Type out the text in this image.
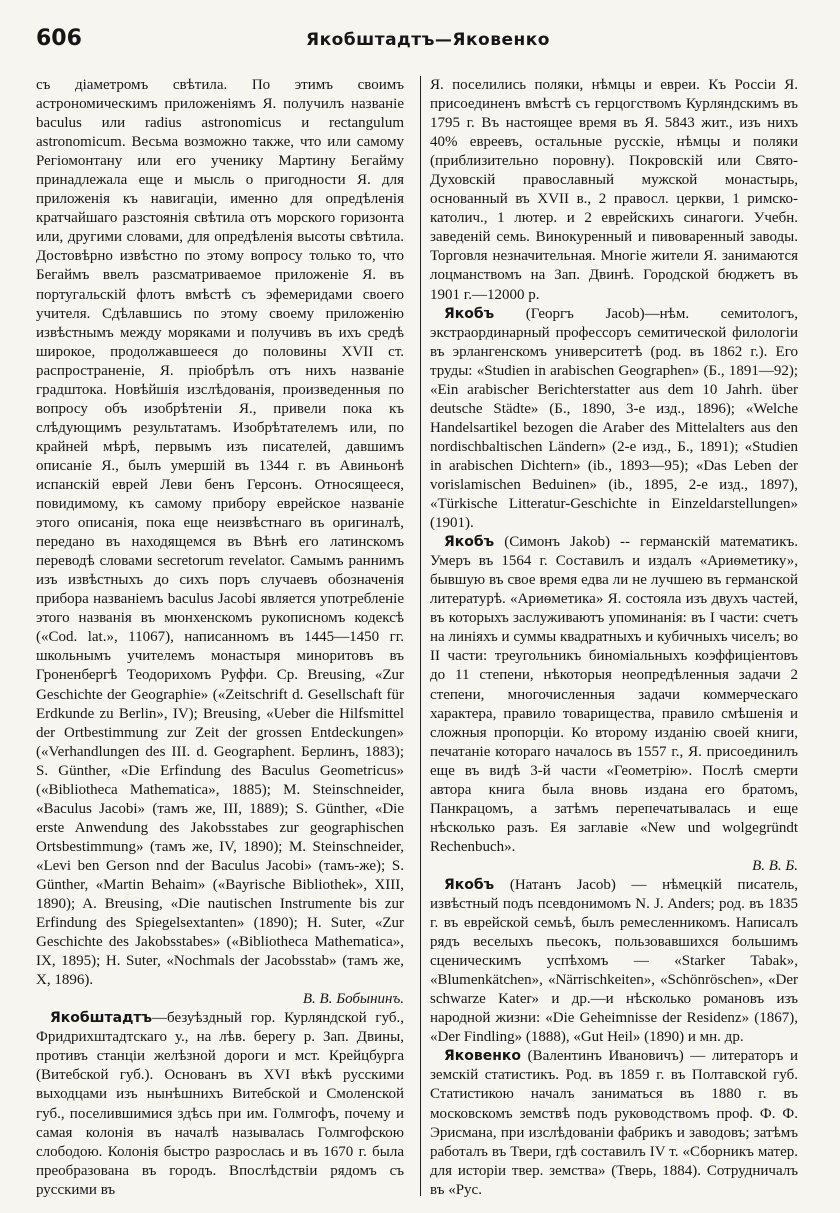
606	Якобштадтъ—Яковенко

съ діаметромъ свѣтила. По этимъ своимъ астрономическимъ приложеніямъ Я. получилъ названіе baculus или radius astronomicus и rectangulum astronomicum. Весьма возможно также, что или самому Регіомонтану или его ученику Мартину Бегайму принадлежала еще и мысль о пригодности Я. для приложенія къ навигаціи, именно для опредѣленія кратчайшаго разстоянія свѣтила отъ морского горизонта или, другими словами, для опредѣленія высоты свѣтила. Достовѣрно извѣстно по этому вопросу только то, что Бегаймъ ввелъ разсматриваемое приложеніе Я. въ португальскій флотъ вмѣстѣ съ эфемеридами своего учителя. Сдѣлавшись по этому своему приложенію извѣстнымъ между моряками и получивъ въ ихъ средѣ широкое, продолжавшееся до половины XVII ст. распространеніе, Я. пріобрѣлъ отъ нихъ названіе градштока. Новѣйшія изслѣдованія, произведенныя по вопросу объ изобрѣтеніи Я., привели пока къ слѣдующимъ результатамъ. Изобрѣтателемъ или, по крайней мѣрѣ, первымъ изъ писателей, давшимъ описаніе Я., былъ умершій въ 1344 г. въ Авиньонѣ испанскій еврей Леви бенъ Герсонъ. Относящееся, повидимому, къ самому прибору еврейское названіе этого описанія, пока еще неизвѣстнаго въ оригиналѣ, передано въ находящемся въ Вѣнѣ его латинскомъ переводѣ словами secretorum revelator. Самымъ раннимъ изъ извѣстныхъ до сихъ поръ случаевъ обозначенія прибора названіемъ baculus Jacobi является употребленіе этого названія въ мюнхенскомъ рукописномъ кодексѣ («Cod. lat.», 11067), написанномъ въ 1445—1450 гг. школьнымъ учителемъ монастыря миноритовъ въ Гроненбергѣ Теодорихомъ Руффи. Ср. Breusing, «Zur Geschichte der Geographie» («Zeitschrift d. Gesellschaft für Erdkunde zu Berlin», IV); Breusing, «Ueber die Hilfsmittel der Ortbestimmung zur Zeit der grossen Entdeckungen» («Verhandlungen des III. d. Geographent. Берлинъ, 1883); S. Günther, «Die Erfindung des Baculus Geometricus» («Bibliotheca Mathematica», 1885); M. Steinschneider, «Baculus Jacobi» (тамъ же, III, 1889); S. Günther, «Die erste Anwendung des Jakobsstabes zur geographischen Ortsbestimmung» (тамъ же, IV, 1890); M. Steinschneider, «Levi ben Gerson nnd der Baculus Jacobi» (тамъ-же); S. Günther, «Martin Behaim» («Bayrische Bibliothek», XIII, 1890); A. Breusing, «Die nautischen Instrumente bis zur Erfindung des Spiegelsextanten» (1890); H. Suter, «Zur Geschichte des Jakobsstabes» («Bibliotheca Mathematica», IX, 1895); H. Suter, «Nochmals der Jacobsstab» (тамъ же, X, 1896).
В. В. Бобынинъ.

Якобштадтъ—безуѣздный гор. Курляндской губ., Фридрихштадтскаго у., на лѣв. берегу р. Зап. Двины, противъ станціи желѣзной дороги и мст. Крейцбурга (Витебской губ.). Основанъ въ XVI вѣкѣ русскими выходцами изъ нынѣшнихъ Витебской и Смоленской губ., поселившимися здѣсь при им. Голмгофъ, почему и самая колонія въ началѣ называлась Голмгофскою слободою. Колонія быстро разрослась и въ 1670 г. была преобразована въ городъ. Впослѣдствіи рядомъ съ русскими въ

Я. поселились поляки, нѣмцы и евреи. Къ Россіи Я. присоединенъ вмѣстѣ съ герцогствомъ Курляндскимъ въ 1795 г. Въ настоящее время въ Я. 5843 жит., изъ нихъ 40% евреевъ, остальные русскіе, нѣмцы и поляки (приблизительно поровну). Покровскій или Свято-Духовскій православный мужской монастырь, основанный въ XVII в., 2 правосл. церкви, 1 римско-католич., 1 лютер. и 2 еврейскихъ синагоги. Учебн. заведеній семь. Винокуренный и пивоваренный заводы. Торговля незначительная. Многіе жители Я. занимаются лоцманствомъ на Зап. Двинѣ. Городской бюджетъ въ 1901 г.—12000 р.

Якобъ (Георгъ Jacob)—нѣм. семитологъ, экстраординарный профессоръ семитической филологіи въ эрлангенскомъ университетѣ (род. въ 1862 г.). Его труды: «Studien in arabischen Geographen» (Б., 1891—92); «Ein arabischer Berichterstatter aus dem 10 Jahrh. über deutsche Städte» (Б., 1890, 3-е изд., 1896); «Welche Handelsartikel bezogen die Araber des Mittelalters aus den nordischbaltischen Ländern» (2-е изд., Б., 1891); «Studien in arabischen Dichtern» (ib., 1893—95); «Das Leben der vorislamischen Beduinen» (ib., 1895, 2-е изд., 1897), «Türkische Litteratur-Geschichte in Einzeldarstellungen» (1901).

Якобъ (Симонъ Jakob) -- германскій математикъ. Умеръ въ 1564 г. Составилъ и издалъ «Ариѳметику», бывшую въ свое время едва ли не лучшею въ германской литературѣ. «Ариѳметика» Я. состояла изъ двухъ частей, въ которыхъ заслуживаютъ упоминанія: въ I части: счетъ на линіяхъ и суммы квадратныхъ и кубичныхъ чиселъ; во II части: треугольникъ биноміальныхъ коэффиціентовъ до 11 степени, нѣкоторыя неопредѣленныя задачи 2 степени, многочисленныя задачи коммерческаго характера, правило товарищества, правило смѣшенія и сложныя пропорціи. Ко второму изданію своей книги, печатаніе котораго началось въ 1557 г., Я. присоединилъ еще въ видѣ 3-й части «Геометрію». Послѣ смерти автора книга была вновь издана его братомъ, Панкрацомъ, а затѣмъ перепечатывалась и еще нѣсколько разъ. Ея заглавіе «New und wolgegründt Rechenbuch».
В. В. Б.

Якобъ (Натанъ Jacob) — нѣмецкій писатель, извѣстный подъ псевдонимомъ N. J. Anders; род. въ 1835 г. въ еврейской семьѣ, былъ ремесленникомъ. Написалъ рядъ веселыхъ пьесокъ, пользовавшихся большимъ сценическимъ успѣхомъ — «Starker Tabak», «Blumenkätchen», «Närrischkeiten», «Schönröschen», «Der schwarze Kater» и др.—и нѣсколько романовъ изъ народной жизни: «Die Geheimnisse der Residenz» (1867), «Der Findling» (1888), «Gut Heil» (1890) и мн. др.

Яковенко (Валентинъ Ивановичъ) — литераторъ и земскій статистикъ. Род. въ 1859 г. въ Полтавской губ. Статистикою началъ заниматься въ 1880 г. въ московскомъ земствѣ подъ руководствомъ проф. Ф. Ф. Эрисмана, при изслѣдованіи фабрикъ и заводовъ; затѣмъ работалъ въ Твери, гдѣ составилъ IV т. «Сборникъ матер. для исторіи твер. земства» (Тверь, 1884). Сотрудничалъ въ «Рус.
